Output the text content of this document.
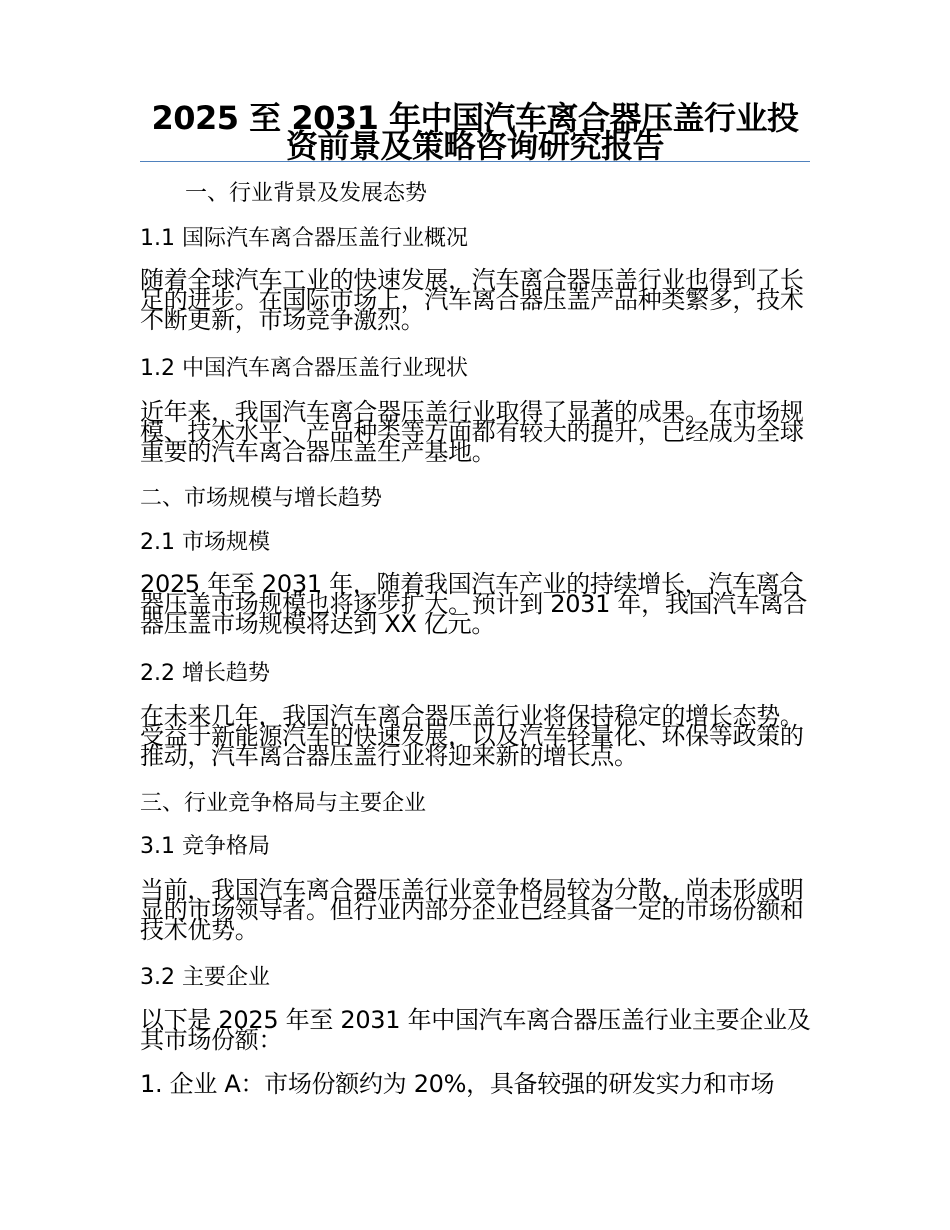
2025 至 2031 年中国汽车离合器压盖行业投资前景及策略咨询研究报告
一、行业背景及发展态势
1.1 国际汽车离合器压盖行业概况
随着全球汽车工业的快速发展，汽车离合器压盖行业也得到了长足的进步。在国际市场上，汽车离合器压盖产品种类繁多，技术不断更新，市场竞争激烈。
1.2 中国汽车离合器压盖行业现状
近年来，我国汽车离合器压盖行业取得了显著的成果。在市场规模、技术水平、产品种类等方面都有较大的提升，已经成为全球重要的汽车离合器压盖生产基地。
二、市场规模与增长趋势
2.1 市场规模
2025 年至 2031 年，随着我国汽车产业的持续增长，汽车离合器压盖市场规模也将逐步扩大。预计到 2031 年，我国汽车离合器压盖市场规模将达到 XX 亿元。
2.2 增长趋势
在未来几年，我国汽车离合器压盖行业将保持稳定的增长态势。受益于新能源汽车的快速发展，以及汽车轻量化、环保等政策的推动，汽车离合器压盖行业将迎来新的增长点。
三、行业竞争格局与主要企业
3.1 竞争格局
当前，我国汽车离合器压盖行业竞争格局较为分散，尚未形成明显的市场领导者。但行业内部分企业已经具备一定的市场份额和技术优势。
3.2 主要企业
以下是 2025 年至 2031 年中国汽车离合器压盖行业主要企业及其市场份额：
1. 企业 A：市场份额约为 20%，具备较强的研发实力和市场
